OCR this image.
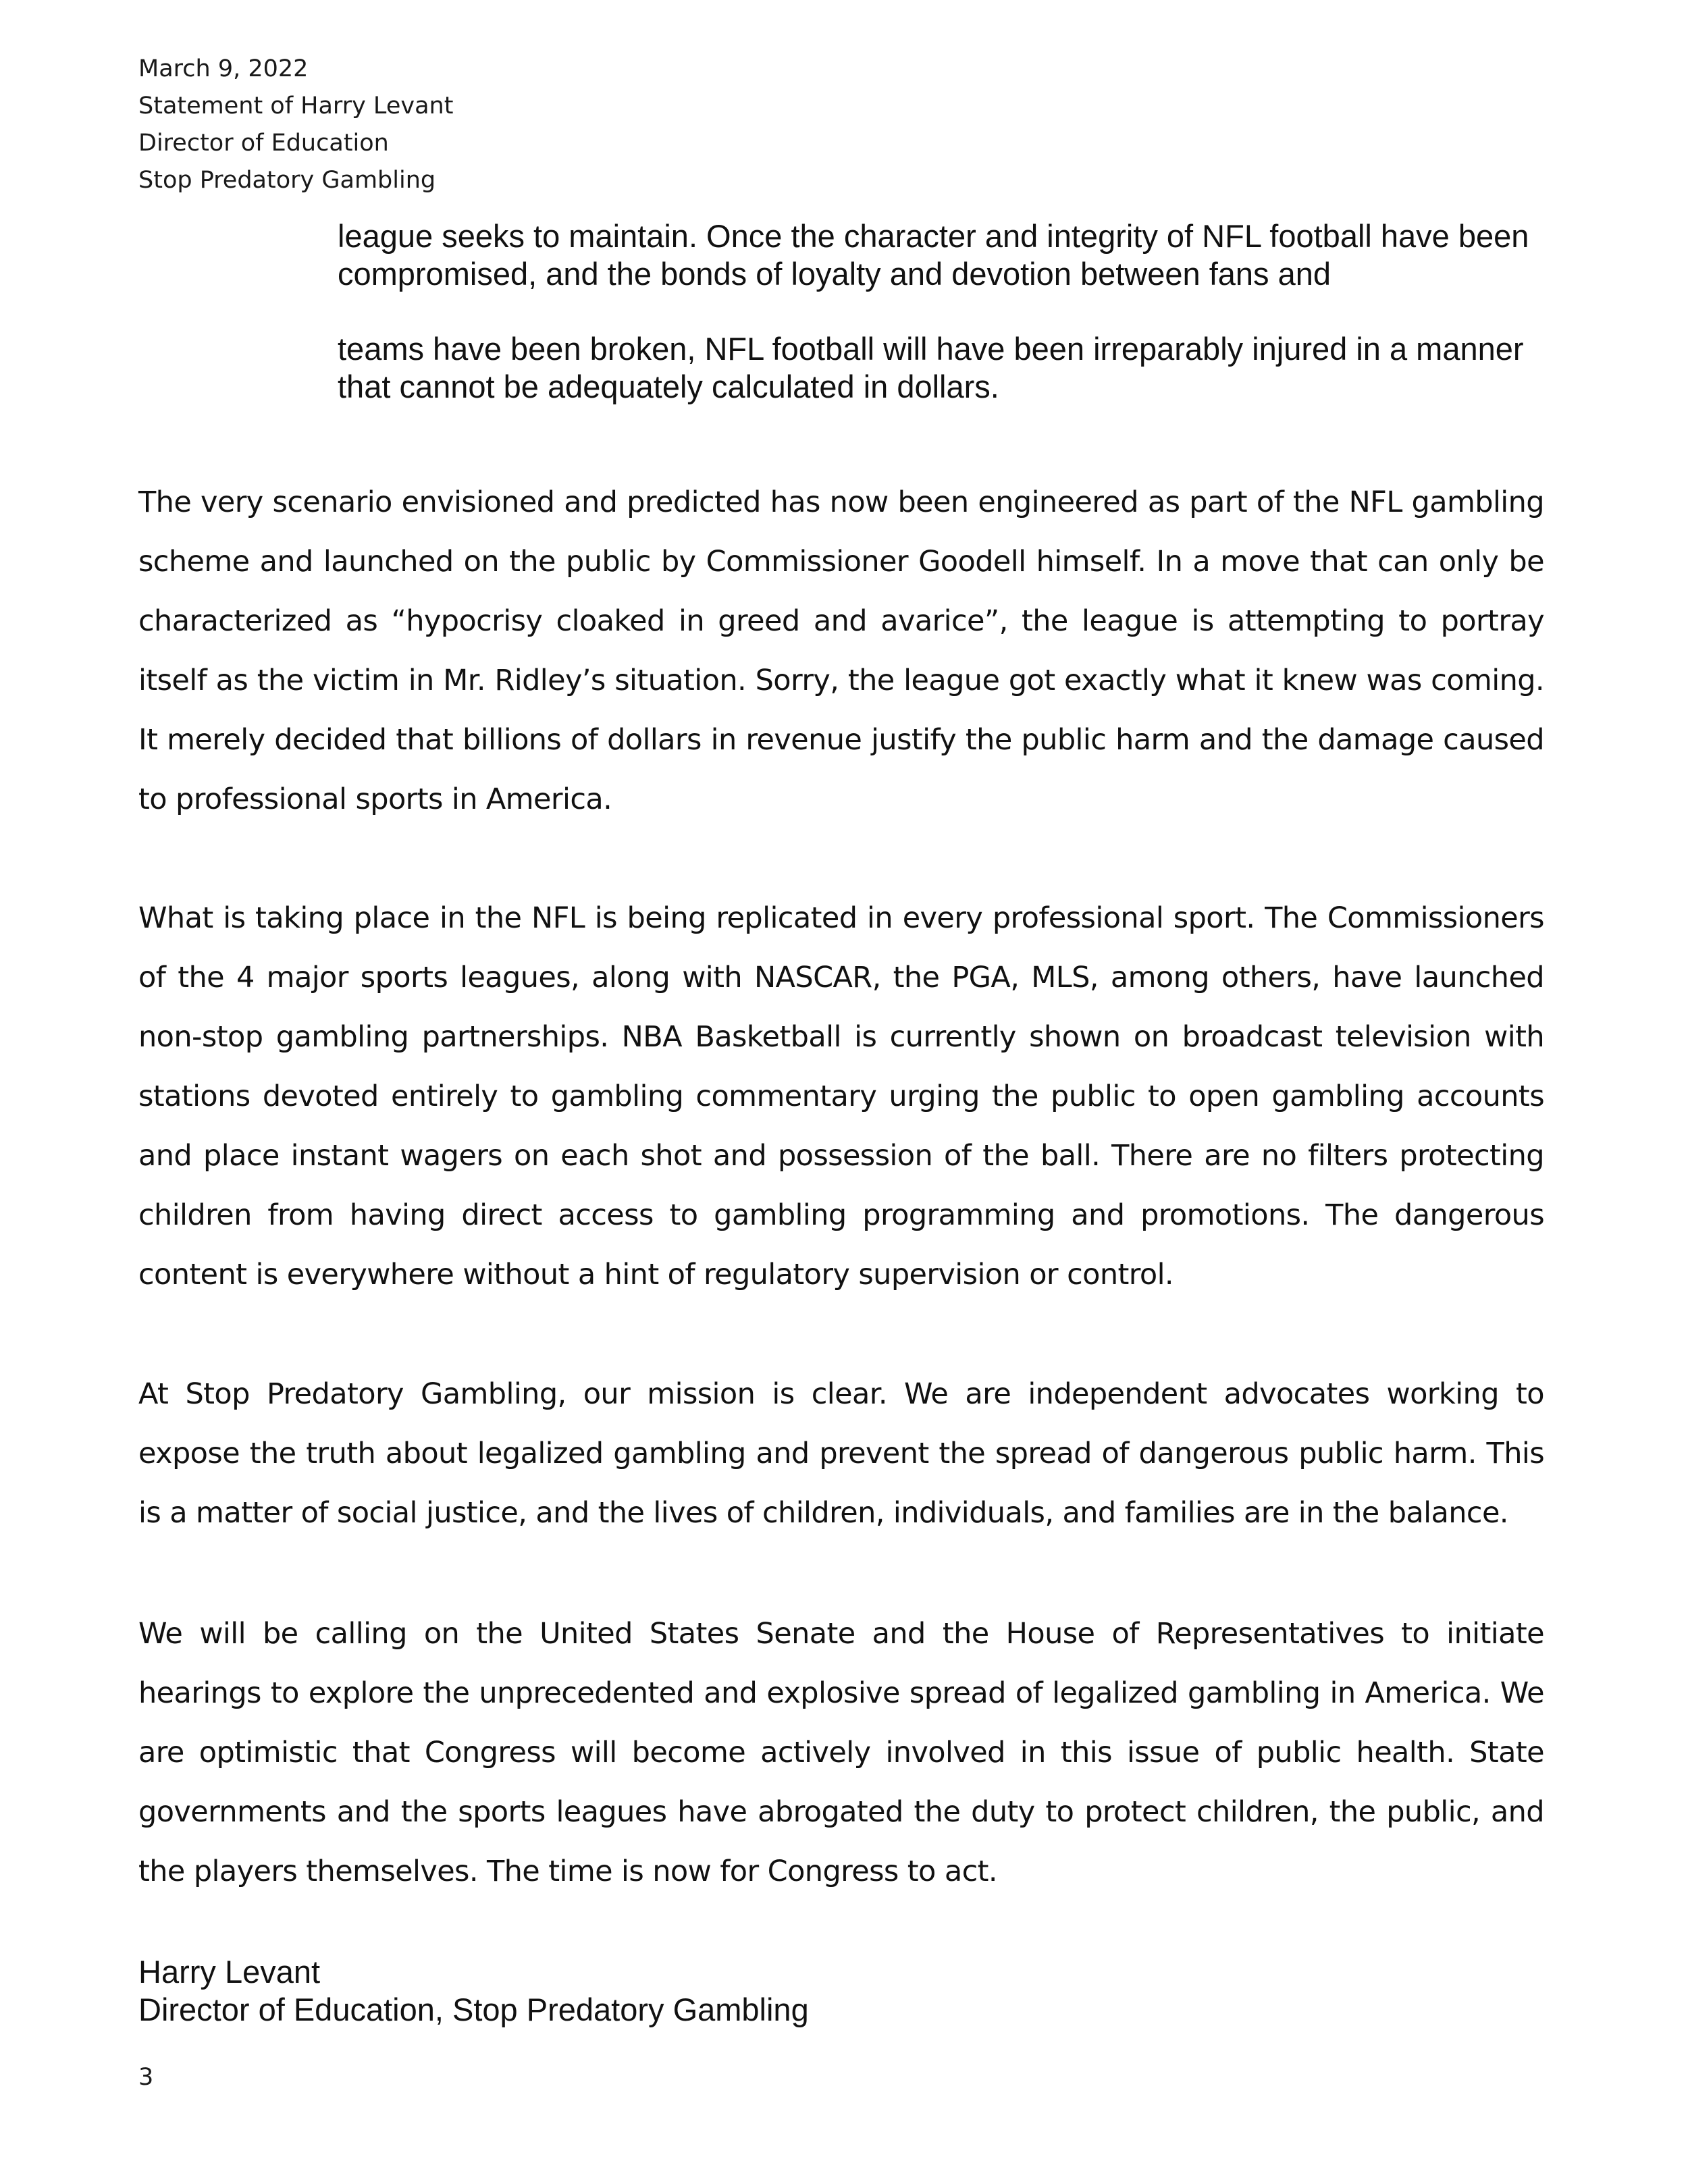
March 9, 2022
Statement of Harry Levant
Director of Education
Stop Predatory Gambling
league seeks to maintain. Once the character and integrity of NFL football have been compromised, and the bonds of loyalty and devotion between fans and
teams have been broken, NFL football will have been irreparably injured in a manner that cannot be adequately calculated in dollars.
The very scenario envisioned and predicted has now been engineered as part of the NFL gambling scheme and launched on the public by Commissioner Goodell himself. In a move that can only be characterized as “hypocrisy cloaked in greed and avarice”, the league is attempting to portray itself as the victim in Mr. Ridley’s situation. Sorry, the league got exactly what it knew was coming. It merely decided that billions of dollars in revenue justify the public harm and the damage caused to professional sports in America.
What is taking place in the NFL is being replicated in every professional sport. The Commissioners of the 4 major sports leagues, along with NASCAR, the PGA, MLS, among others, have launched non-stop gambling partnerships. NBA Basketball is currently shown on broadcast television with stations devoted entirely to gambling commentary urging the public to open gambling accounts and place instant wagers on each shot and possession of the ball. There are no filters protecting children from having direct access to gambling programming and promotions. The dangerous content is everywhere without a hint of regulatory supervision or control.
At Stop Predatory Gambling, our mission is clear. We are independent advocates working to expose the truth about legalized gambling and prevent the spread of dangerous public harm. This is a matter of social justice, and the lives of children, individuals, and families are in the balance.
We will be calling on the United States Senate and the House of Representatives to initiate hearings to explore the unprecedented and explosive spread of legalized gambling in America. We are optimistic that Congress will become actively involved in this issue of public health. State governments and the sports leagues have abrogated the duty to protect children, the public, and the players themselves. The time is now for Congress to act.
Harry Levant
Director of Education, Stop Predatory Gambling
3
